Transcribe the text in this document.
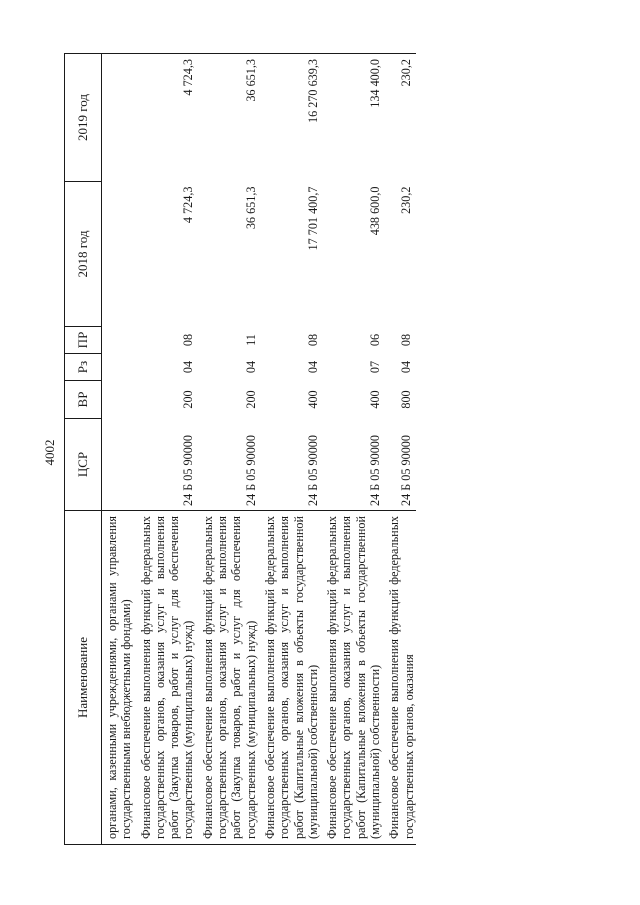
4002
Наименование	ЦСР	ВР	Рз	ПР	2018 год	2019 год
органами, казенными учреждениями, органами управления государственными внебюджетными фондами)						
Финансовое обеспечение выполнения функций федеральных государственных органов, оказания услуг и выполнения работ (Закупка товаров, работ и услуг для обеспечения государственных (муниципальных) нужд)	24 Б 05 90000	200	04	08	4 724,3	4 724,3
Финансовое обеспечение выполнения функций федеральных государственных органов, оказания услуг и выполнения работ (Закупка товаров, работ и услуг для обеспечения государственных (муниципальных) нужд)	24 Б 05 90000	200	04	11	36 651,3	36 651,3
Финансовое обеспечение выполнения функций федеральных государственных органов, оказания услуг и выполнения работ (Капитальные вложения в объекты государственной (муниципальной) собственности)	24 Б 05 90000	400	04	08	17 701 400,7	16 270 639,3
Финансовое обеспечение выполнения функций федеральных государственных органов, оказания услуг и выполнения работ (Капитальные вложения в объекты государственной (муниципальной) собственности)	24 Б 05 90000	400	07	06	438 600,0	134 400,0
Финансовое обеспечение выполнения функций федеральных государственных органов, оказания	24 Б 05 90000	800	04	08	230,2	230,2
